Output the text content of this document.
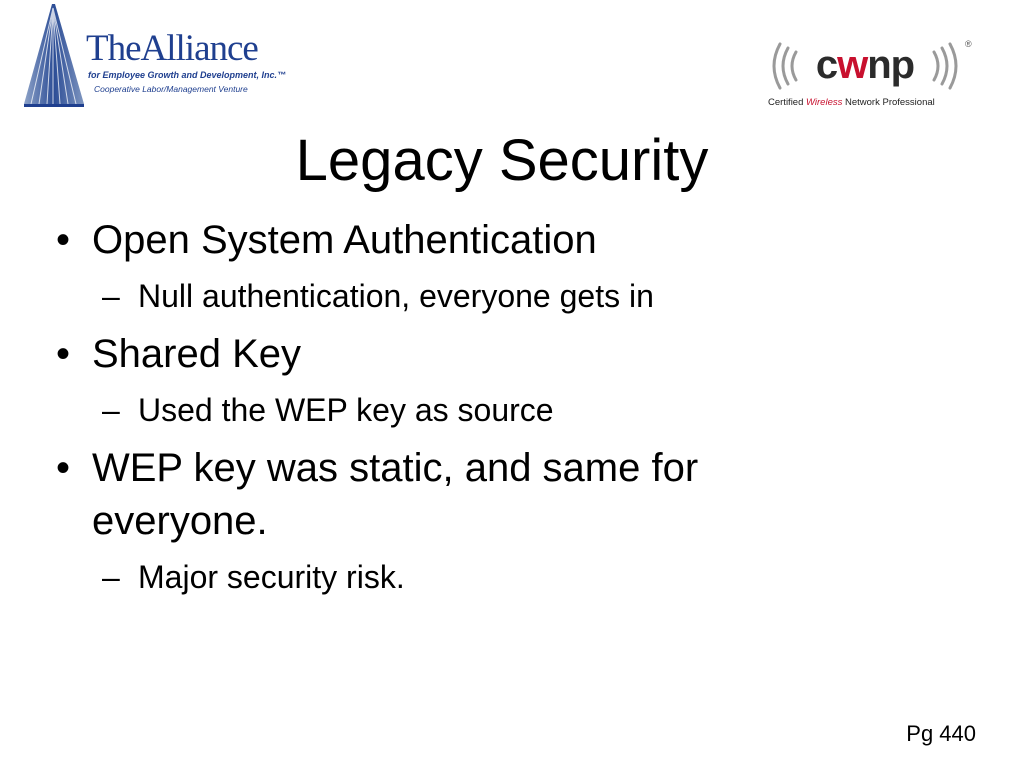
TheAlliance
for Employee Growth and Development, Inc.™
Cooperative Labor/Management Venture
cwnp	®
Certified Wireless Network Professional
Legacy Security
• Open System Authentication
– Null authentication, everyone gets in
• Shared Key
– Used the WEP key as source
• WEP key was static, and same for everyone.
– Major security risk.
Pg 440
